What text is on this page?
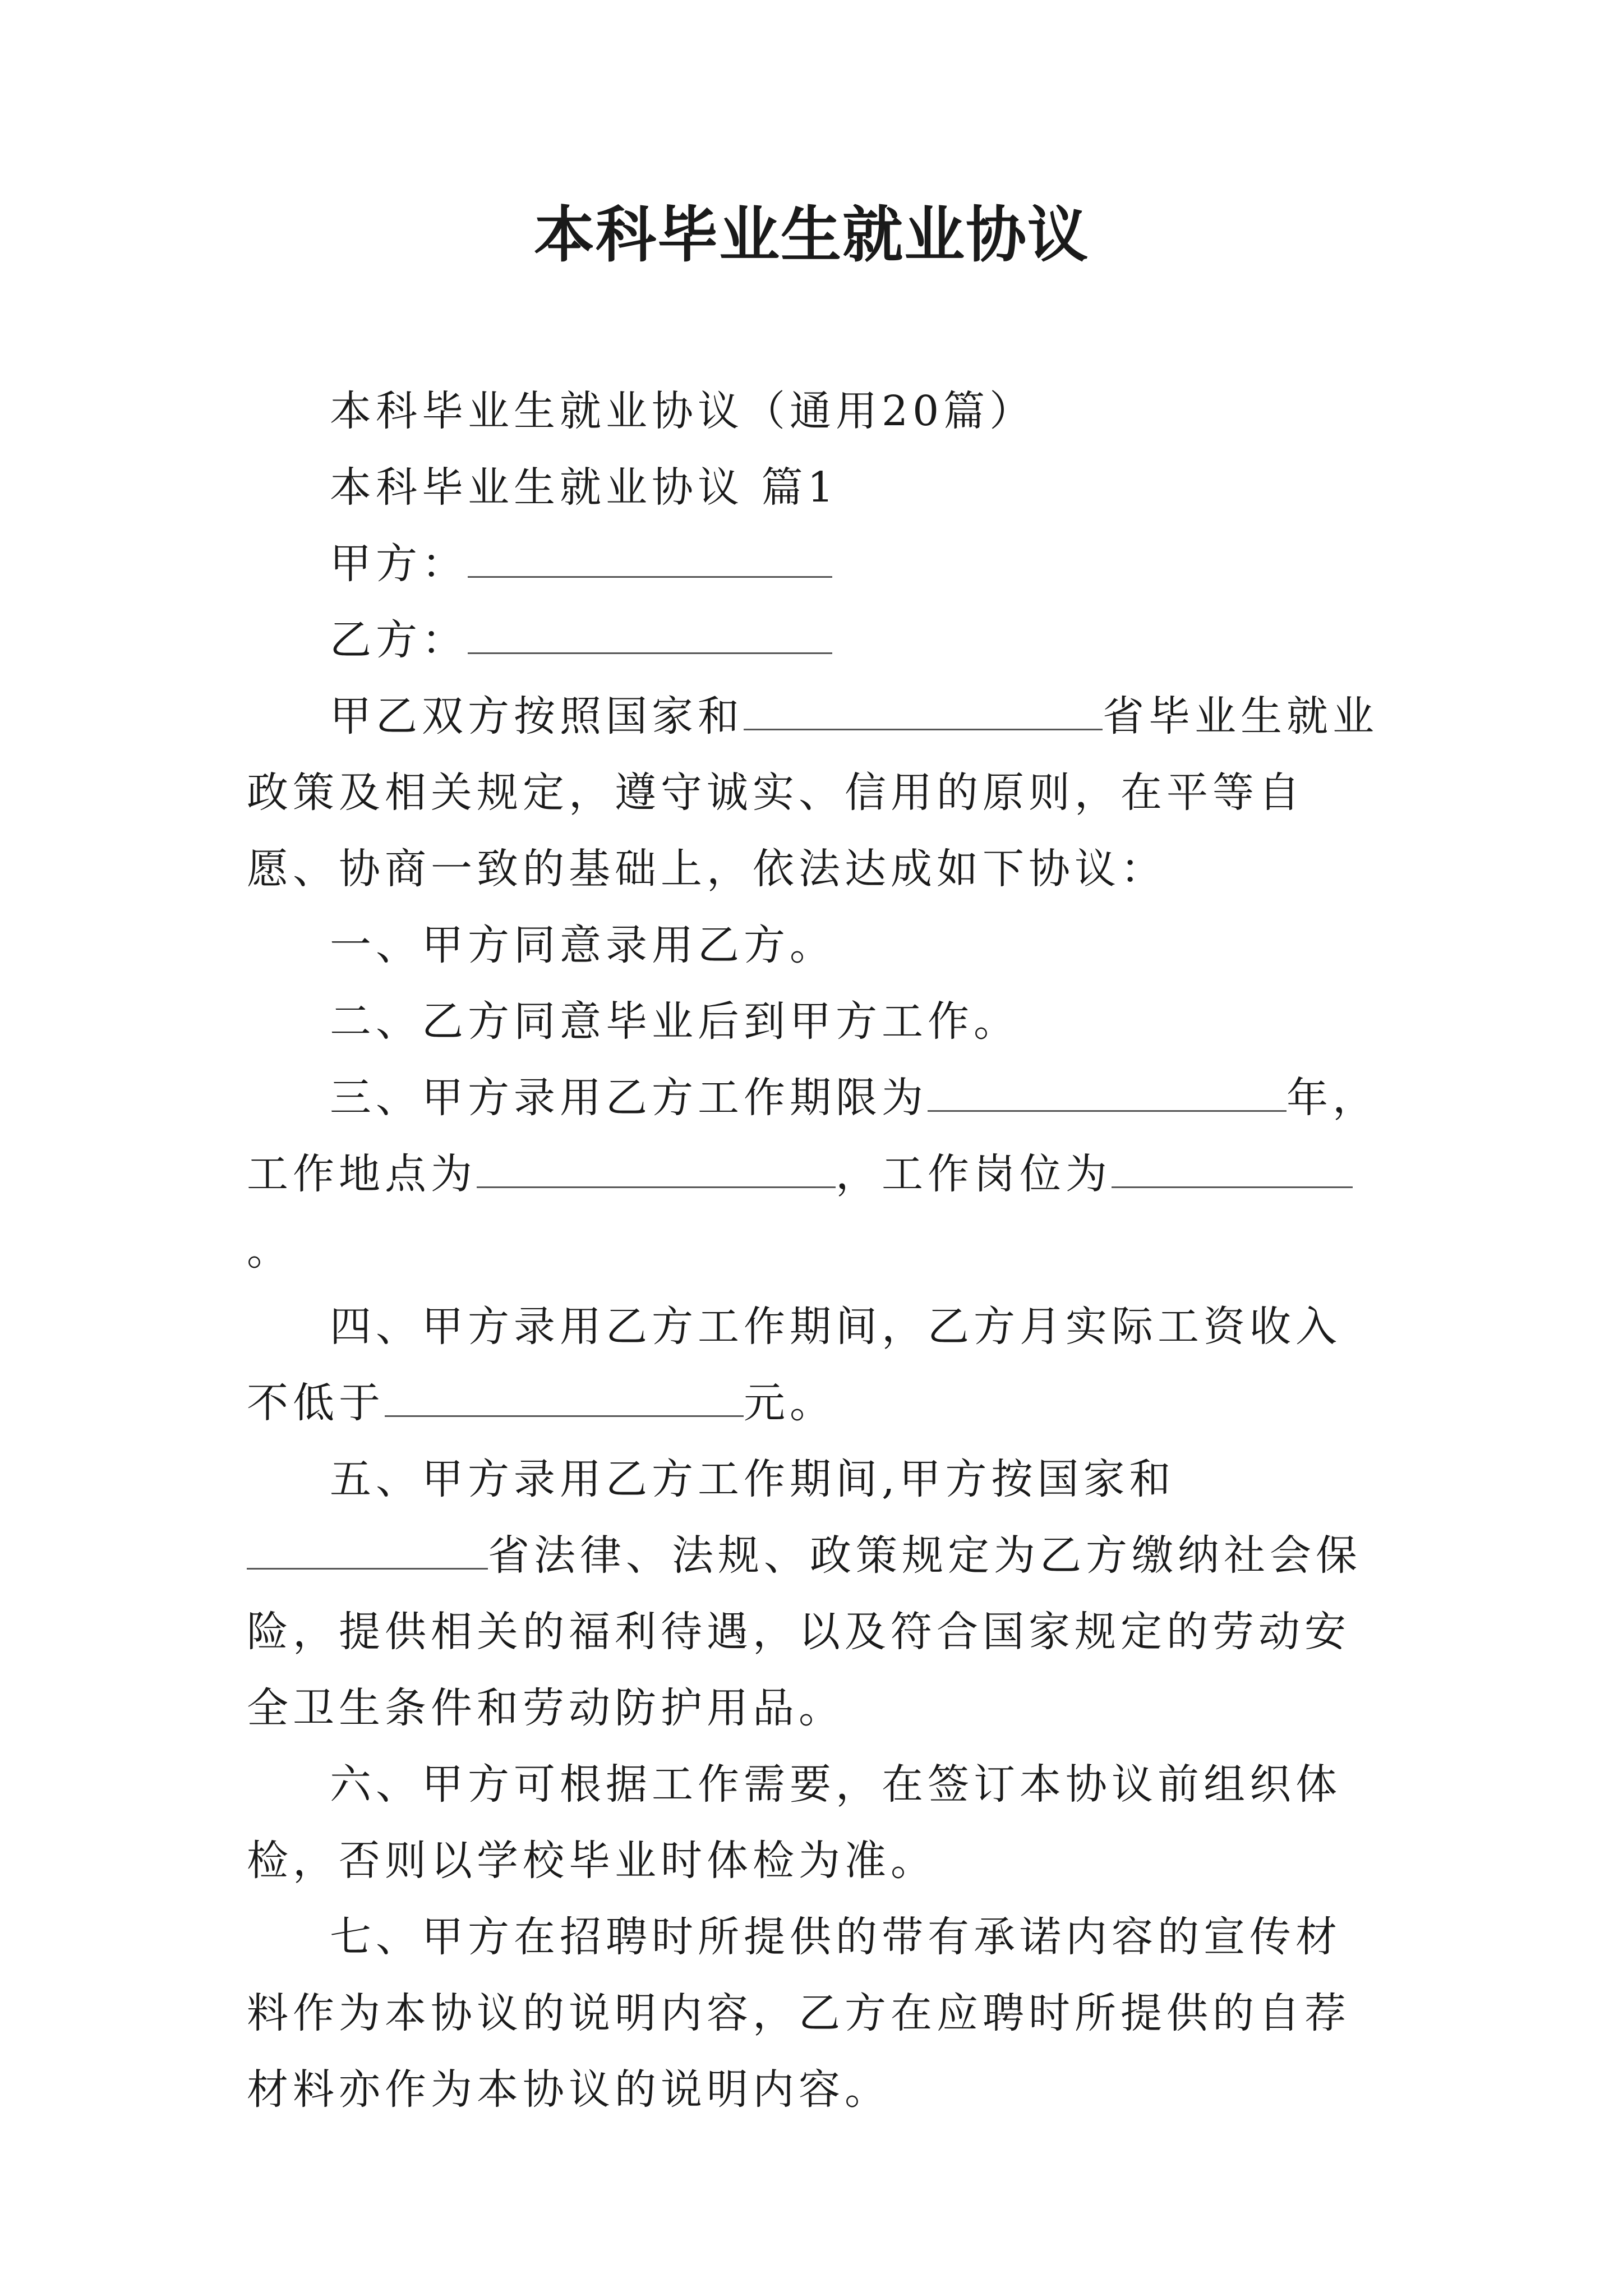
本科毕业生就业协议

本科毕业生就业协议（通用20篇）

本科毕业生就业协议 篇1

甲方：

乙方：

甲乙双方按照国家和	省毕业生就业政策及相关规定，遵守诚实、信用的原则，在平等自愿、协商一致的基础上，依法达成如下协议：

一、甲方同意录用乙方。

二、乙方同意毕业后到甲方工作。

三、甲方录用乙方工作期限为	年，工作地点为	，工作岗位为。

四、甲方录用乙方工作期间，乙方月实际工资收入不低于	元。

五、甲方录用乙方工作期间,甲方按国家和省法律、法规、政策规定为乙方缴纳社会保险，提供相关的福利待遇，以及符合国家规定的劳动安全卫生条件和劳动防护用品。

六、甲方可根据工作需要，在签订本协议前组织体检，否则以学校毕业时体检为准。

七、甲方在招聘时所提供的带有承诺内容的宣传材料作为本协议的说明内容，乙方在应聘时所提供的自荐材料亦作为本协议的说明内容。
